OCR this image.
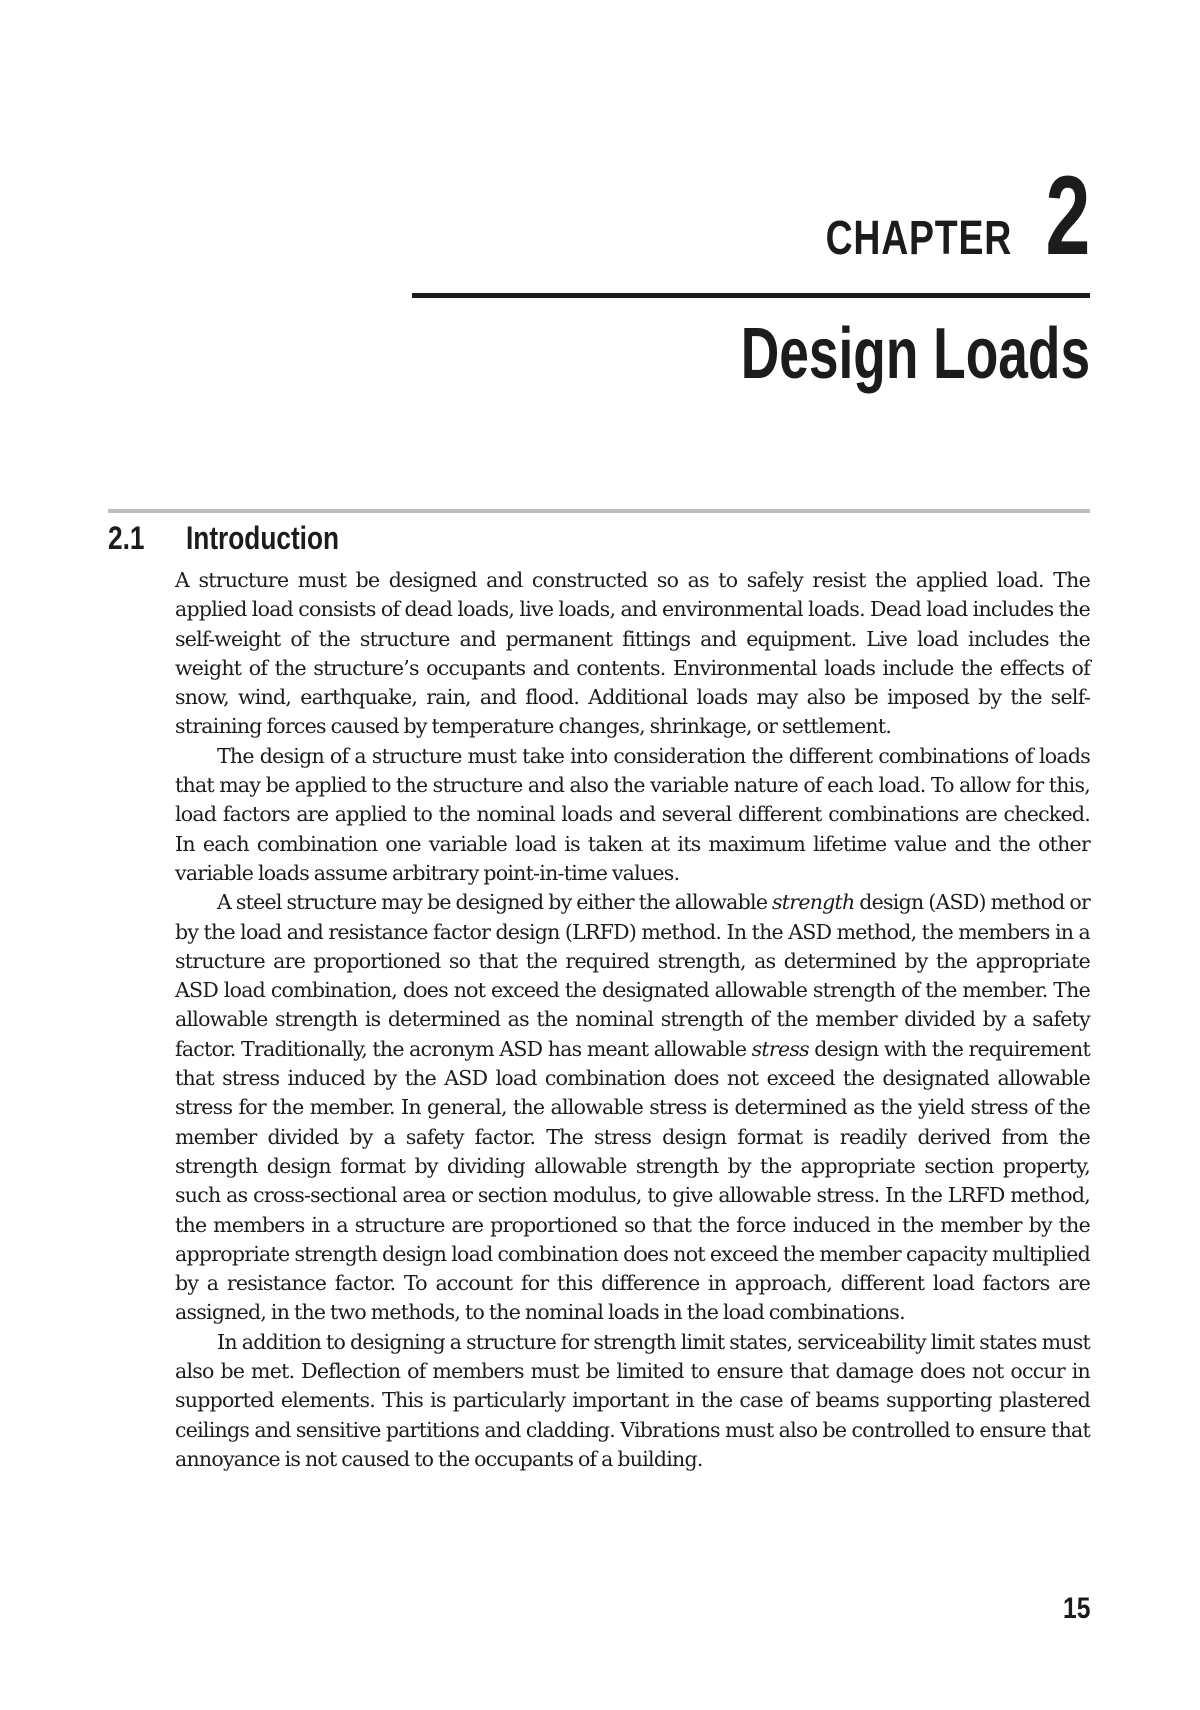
CHAPTER 2
Design Loads
2.1 Introduction

A structure must be designed and constructed so as to safely resist the applied load. The applied load consists of dead loads, live loads, and environmental loads. Dead load includes the self-weight of the structure and permanent fittings and equipment. Live load includes the weight of the structure’s occupants and contents. Environmental loads include the effects of snow, wind, earthquake, rain, and flood. Additional loads may also be imposed by the self-straining forces caused by temperature changes, shrinkage, or settlement.

The design of a structure must take into consideration the different combinations of loads that may be applied to the structure and also the variable nature of each load. To allow for this, load factors are applied to the nominal loads and several different combinations are checked. In each combination one variable load is taken at its maximum lifetime value and the other variable loads assume arbitrary point-in-time values.

A steel structure may be designed by either the allowable strength design (ASD) method or by the load and resistance factor design (LRFD) method. In the ASD method, the members in a structure are proportioned so that the required strength, as determined by the appropriate ASD load combination, does not exceed the designated allowable strength of the member. The allowable strength is determined as the nominal strength of the member divided by a safety factor. Traditionally, the acronym ASD has meant allowable stress design with the requirement that stress induced by the ASD load combination does not exceed the designated allowable stress for the member. In general, the allowable stress is determined as the yield stress of the member divided by a safety factor. The stress design format is readily derived from the strength design format by dividing allowable strength by the appropriate section property, such as cross-sectional area or section modulus, to give allowable stress. In the LRFD method, the members in a structure are proportioned so that the force induced in the member by the appropriate strength design load combination does not exceed the member capacity multiplied by a resistance factor. To account for this difference in approach, different load factors are assigned, in the two methods, to the nominal loads in the load combinations.

In addition to designing a structure for strength limit states, serviceability limit states must also be met. Deflection of members must be limited to ensure that damage does not occur in supported elements. This is particularly important in the case of beams supporting plastered ceilings and sensitive partitions and cladding. Vibrations must also be controlled to ensure that annoyance is not caused to the occupants of a building.

15
